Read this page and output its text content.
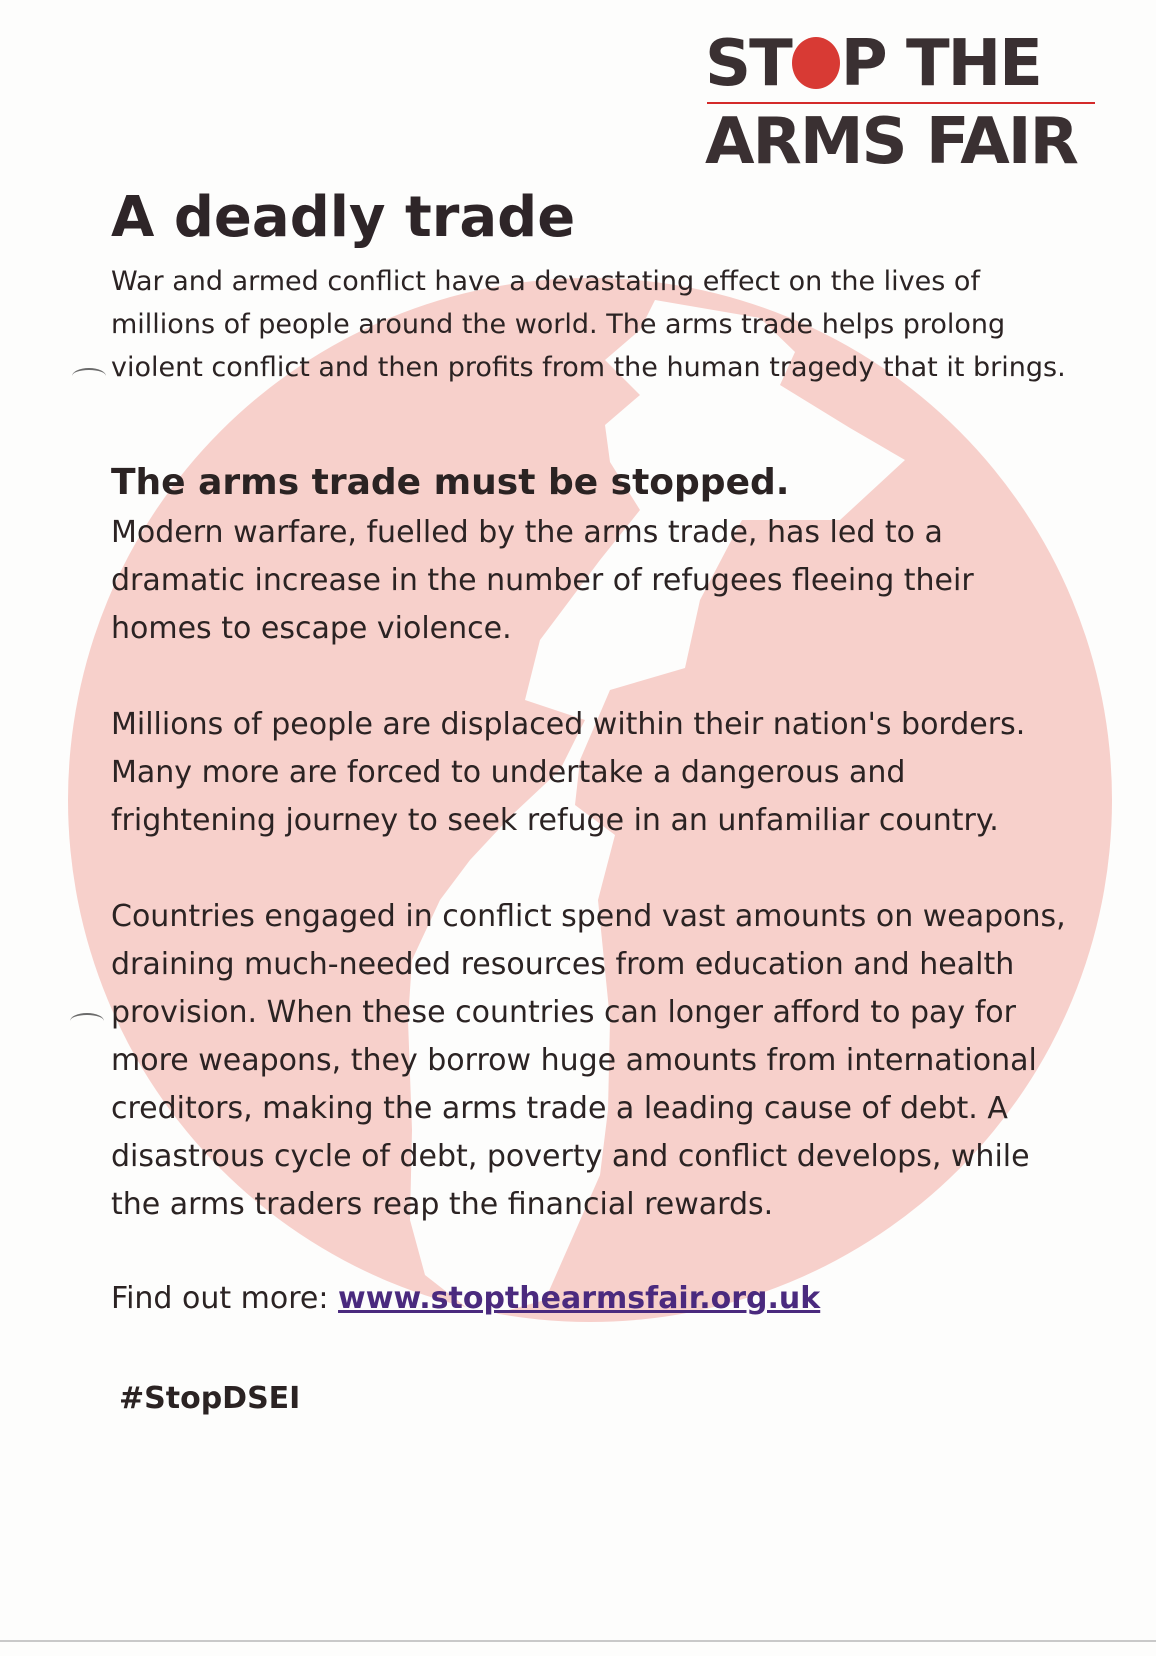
ST P THE
ARMS FAIR
A deadly trade

War and armed conflict have a devastating effect on the lives of millions of people around the world. The arms trade helps prolong violent conflict and then profits from the human tragedy that it brings.

The arms trade must be stopped.

Modern warfare, fuelled by the arms trade, has led to a dramatic increase in the number of refugees fleeing their homes to escape violence.

Millions of people are displaced within their nation's borders. Many more are forced to undertake a dangerous and frightening journey to seek refuge in an unfamiliar country.

Countries engaged in conflict spend vast amounts on weapons, draining much-needed resources from education and health provision. When these countries can longer afford to pay for more weapons, they borrow huge amounts from international creditors, making the arms trade a leading cause of debt. A disastrous cycle of debt, poverty and conflict develops, while the arms traders reap the financial rewards.

Find out more: www.stopthearmsfair.org.uk
#StopDSEI
